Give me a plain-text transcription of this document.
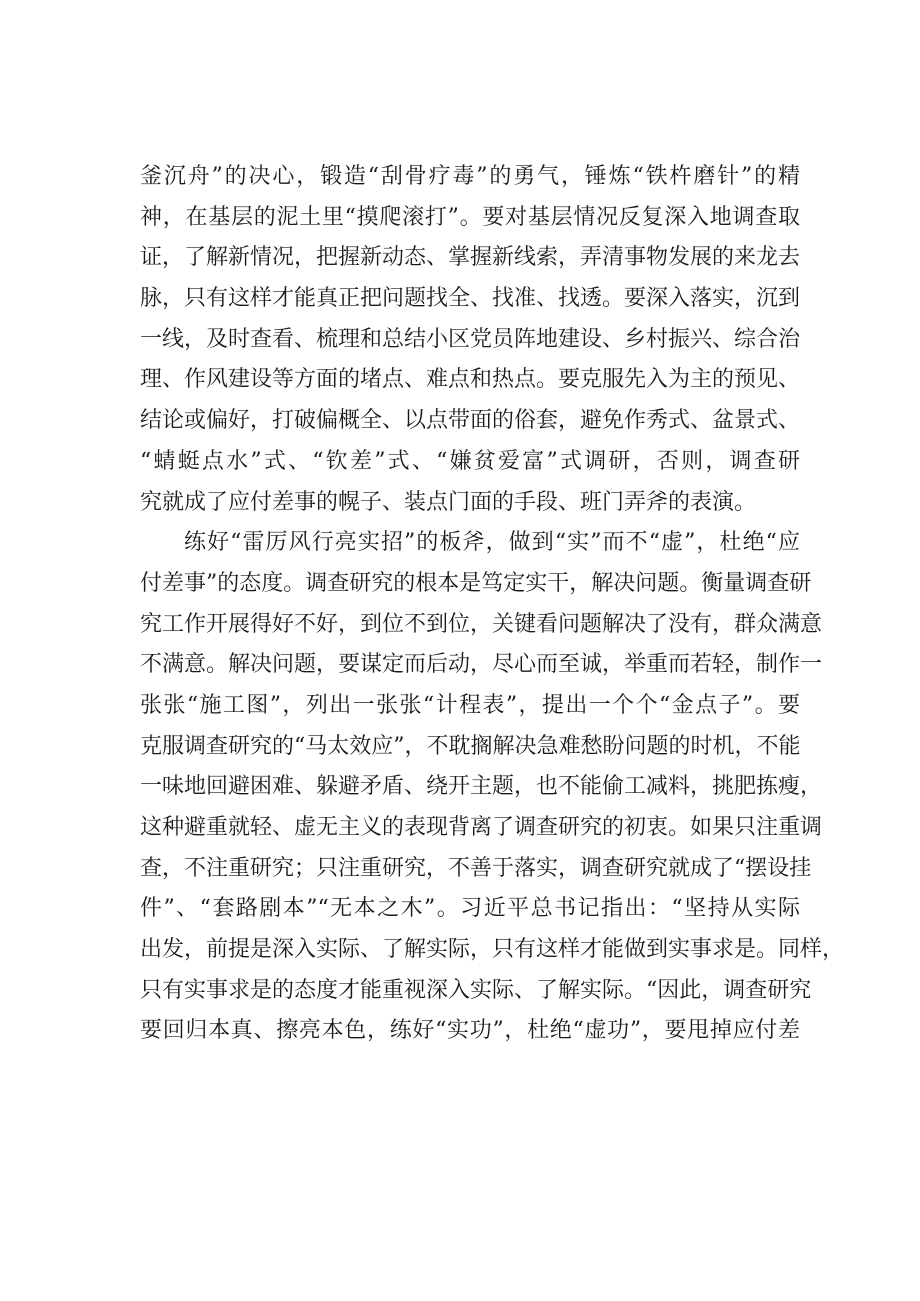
釜沉舟”的决心，锻造“刮骨疗毒”的勇气，锤炼“铁杵磨针”的精
神，在基层的泥土里“摸爬滚打”。要对基层情况反复深入地调查取
证，了解新情况，把握新动态、掌握新线索，弄清事物发展的来龙去
脉，只有这样才能真正把问题找全、找准、找透。要深入落实，沉到
一线，及时查看、梳理和总结小区党员阵地建设、乡村振兴、综合治
理、作风建设等方面的堵点、难点和热点。要克服先入为主的预见、
结论或偏好，打破偏概全、以点带面的俗套，避免作秀式、盆景式、
“蜻蜓点水”式、“钦差”式、“嫌贫爱富”式调研，否则，调查研
究就成了应付差事的幌子、装点门面的手段、班门弄斧的表演。
练好“雷厉风行亮实招”的板斧，做到“实”而不“虚”，杜绝“应
付差事”的态度。调查研究的根本是笃定实干，解决问题。衡量调查研
究工作开展得好不好，到位不到位，关键看问题解决了没有，群众满意
不满意。解决问题，要谋定而后动，尽心而至诚，举重而若轻，制作一
张张“施工图”，列出一张张“计程表”，提出一个个“金点子”。要
克服调查研究的“马太效应”，不耽搁解决急难愁盼问题的时机，不能
一味地回避困难、躲避矛盾、绕开主题，也不能偷工减料，挑肥拣瘦，
这种避重就轻、虚无主义的表现背离了调查研究的初衷。如果只注重调
查，不注重研究；只注重研究，不善于落实，调查研究就成了“摆设挂
件”、“套路剧本”“无本之木”。习近平总书记指出：“坚持从实际
出发，前提是深入实际、了解实际，只有这样才能做到实事求是。同样，
只有实事求是的态度才能重视深入实际、了解实际。“因此，调查研究
要回归本真、擦亮本色，练好“实功”，杜绝“虚功”，要甩掉应付差
